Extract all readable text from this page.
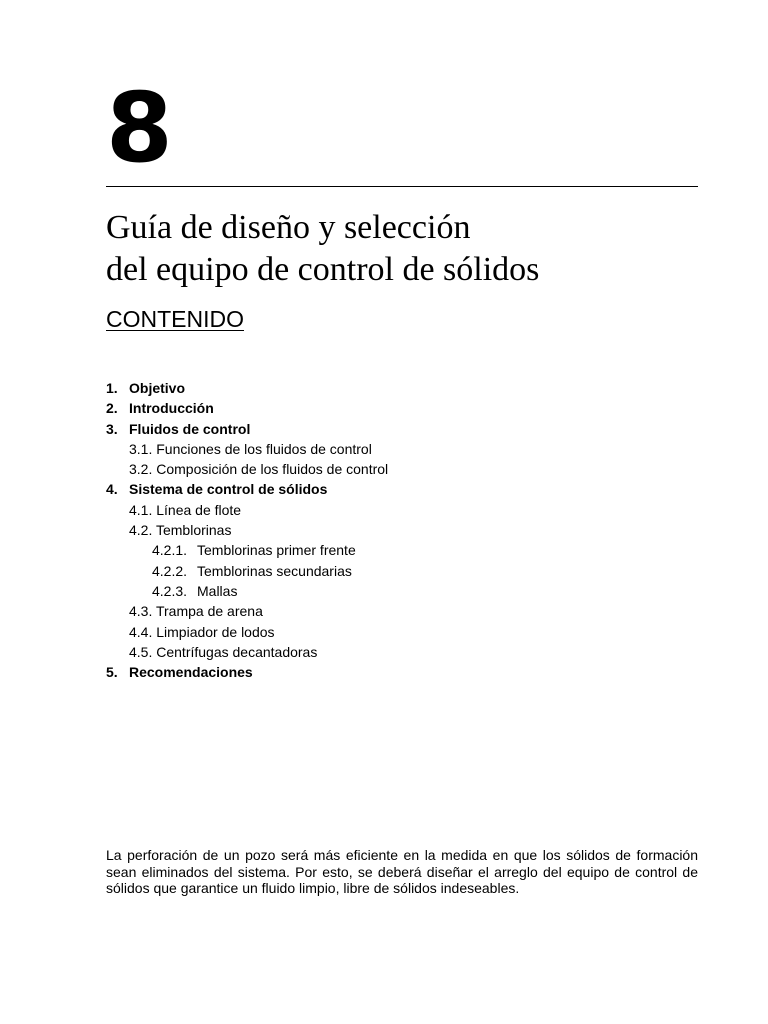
8
Guía de diseño y selección
del equipo de control de sólidos
CONTENIDO
1. Objetivo
2. Introducción
3. Fluidos de control
3.1. Funciones de los fluidos de control
3.2. Composición de los fluidos de control
4. Sistema de control de sólidos
4.1. Línea de flote
4.2. Temblorinas
4.2.1. Temblorinas primer frente
4.2.2. Temblorinas secundarias
4.2.3. Mallas
4.3. Trampa de arena
4.4. Limpiador de lodos
4.5. Centrífugas decantadoras
5. Recomendaciones

La perforación de un pozo será más eficiente en la medida en que los sólidos de formación sean eliminados del sistema. Por esto, se deberá diseñar el arreglo del equipo de control de sólidos que garantice un fluido limpio, libre de sólidos indeseables.
